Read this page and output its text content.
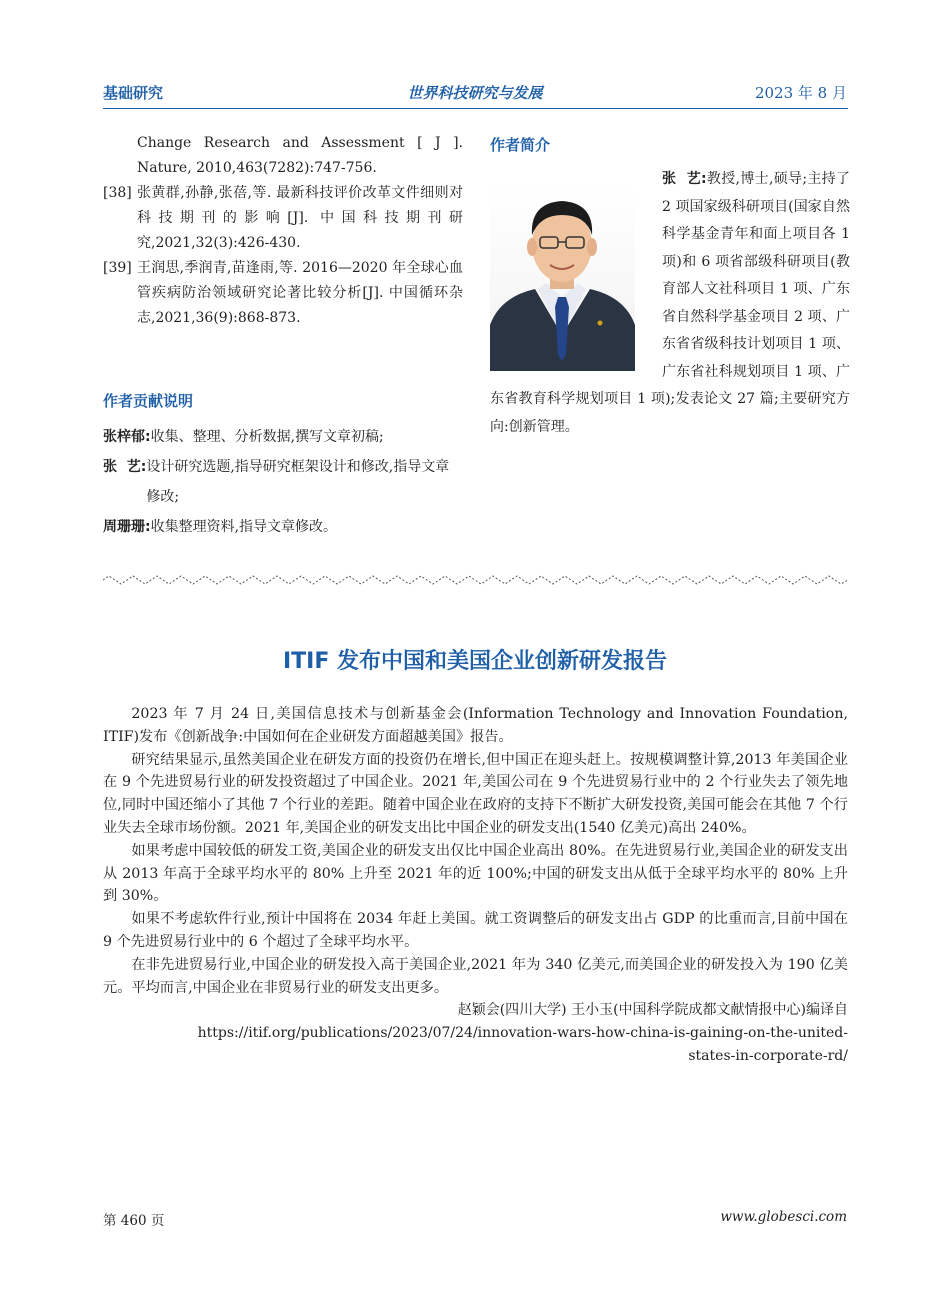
基础研究	世界科技研究与发展	2023 年 8 月
Change Research and Assessment [ J ]. Nature, 2010,463(7282):747-756.
[38] 张黄群,孙静,张蓓,等. 最新科技评价改革文件细则对科技期刊的影响[J]. 中国科技期刊研究,2021,32(3):426-430.
[39] 王润思,季润青,苗逢雨,等. 2016—2020 年全球心血管疾病防治领域研究论著比较分析[J]. 中国循环杂志,2021,36(9):868-873.
作者贡献说明
张梓郁: 收集、整理、分析数据,撰写文章初稿;
张  艺: 设计研究选题,指导研究框架设计和修改,指导文章修改;
周珊珊: 收集整理资料,指导文章修改。
作者简介
张  艺:教授,博士,硕导;主持了 2 项国家级科研项目(国家自然科学基金青年和面上项目各 1 项)和 6 项省部级科研项目(教育部人文社科项目 1 项、广东省自然科学基金项目 2 项、广东省省级科技计划项目 1 项、广东省社科规划项目 1 项、广东省教育科学规划项目 1 项);发表论文 27 篇;主要研究方向:创新管理。
ITIF 发布中国和美国企业创新研发报告

2023 年 7 月 24 日,美国信息技术与创新基金会(Information Technology and Innovation Foundation, ITIF)发布《创新战争:中国如何在企业研发方面超越美国》报告。

研究结果显示,虽然美国企业在研发方面的投资仍在增长,但中国正在迎头赶上。按规模调整计算,2013 年美国企业在 9 个先进贸易行业的研发投资超过了中国企业。2021 年,美国公司在 9 个先进贸易行业中的 2 个行业失去了领先地位,同时中国还缩小了其他 7 个行业的差距。随着中国企业在政府的支持下不断扩大研发投资,美国可能会在其他 7 个行业失去全球市场份额。2021 年,美国企业的研发支出比中国企业的研发支出(1540 亿美元)高出 240%。

如果考虑中国较低的研发工资,美国企业的研发支出仅比中国企业高出 80%。在先进贸易行业,美国企业的研发支出从 2013 年高于全球平均水平的 80% 上升至 2021 年的近 100%;中国的研发支出从低于全球平均水平的 80% 上升到 30%。

如果不考虑软件行业,预计中国将在 2034 年赶上美国。就工资调整后的研发支出占 GDP 的比重而言,目前中国在 9 个先进贸易行业中的 6 个超过了全球平均水平。

在非先进贸易行业,中国企业的研发投入高于美国企业,2021 年为 340 亿美元,而美国企业的研发投入为 190 亿美元。平均而言,中国企业在非贸易行业的研发支出更多。

赵颖会(四川大学) 王小玉(中国科学院成都文献情报中心)编译自
https://itif.org/publications/2023/07/24/innovation-wars-how-china-is-gaining-on-the-united-states-in-corporate-rd/
第 460 页	www.globesci.com
